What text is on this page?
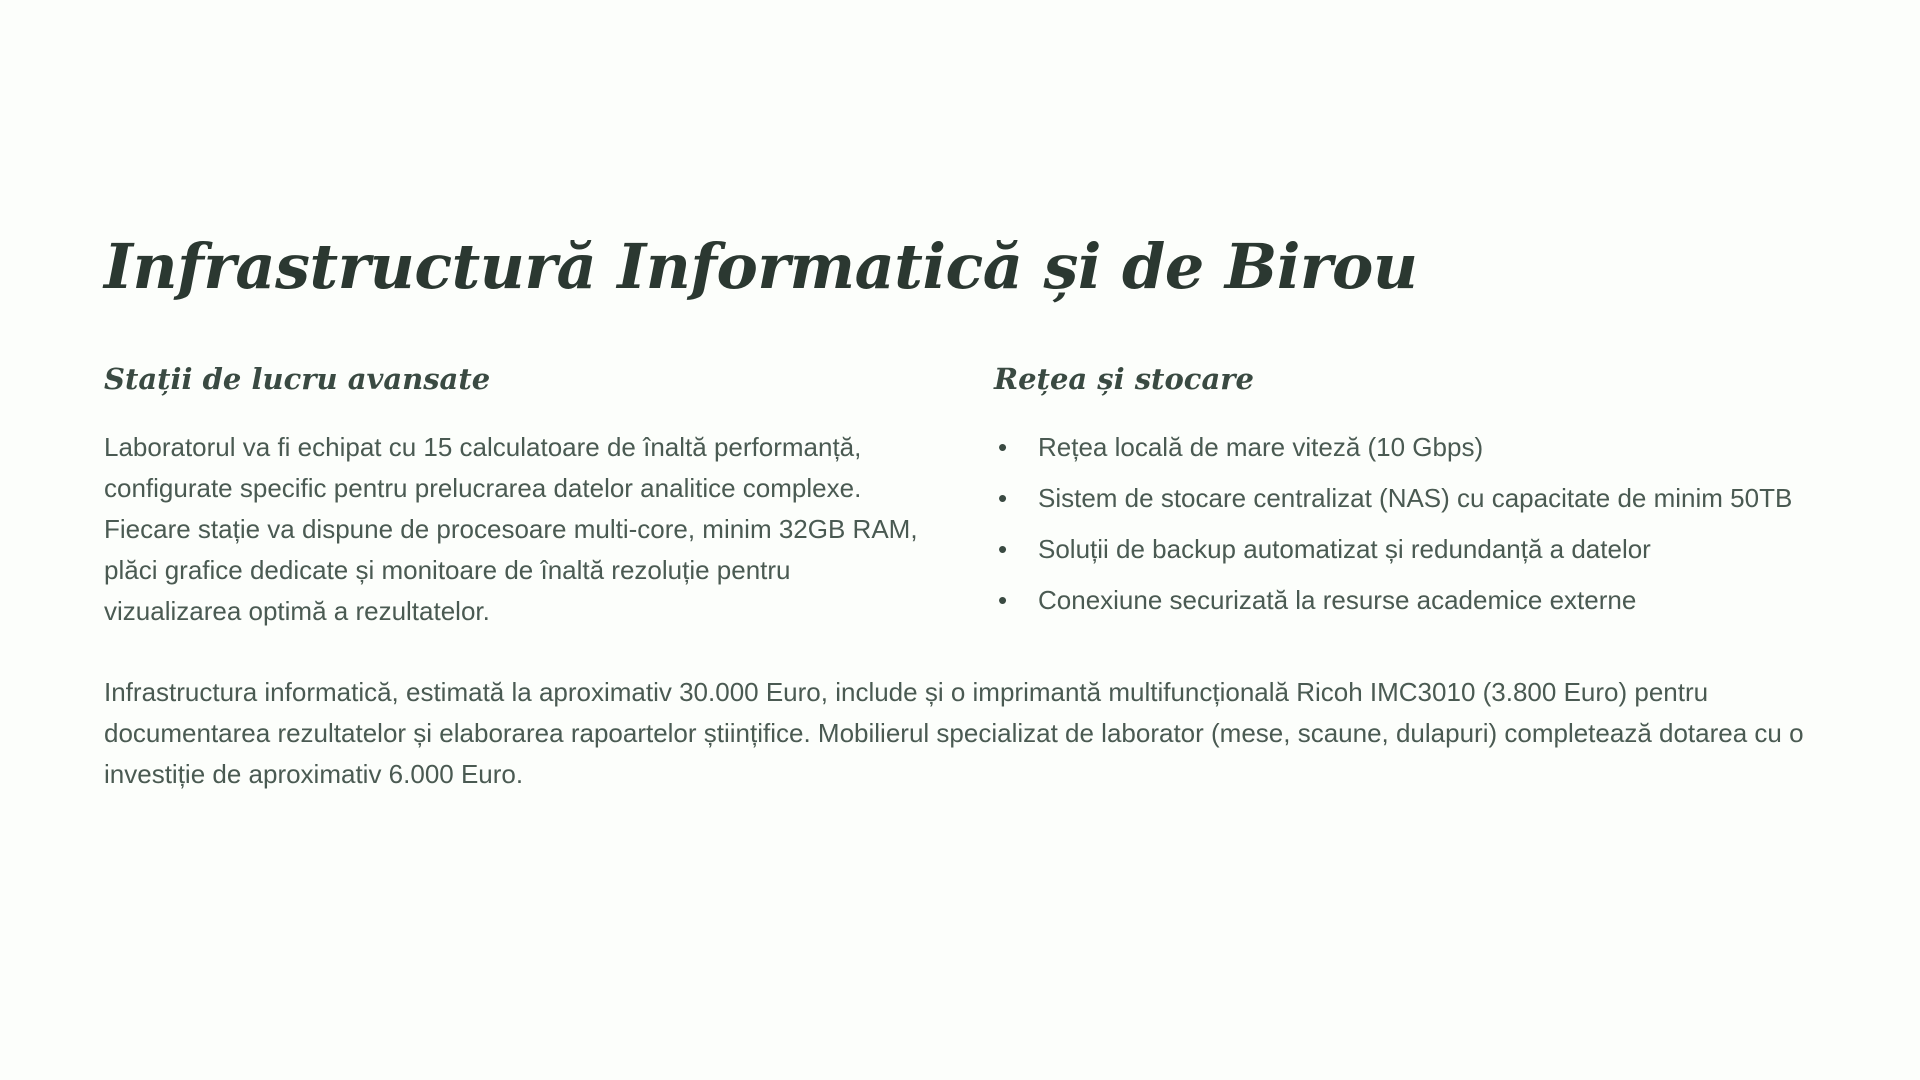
Infrastructură Informatică și de Birou
Stații de lucru avansate

Laboratorul va fi echipat cu 15 calculatoare de înaltă performanță, configurate specific pentru prelucrarea datelor analitice complexe. Fiecare stație va dispune de procesoare multi-core, minim 32GB RAM, plăci grafice dedicate și monitoare de înaltă rezoluție pentru vizualizarea optimă a rezultatelor.

Rețea și stocare
• Rețea locală de mare viteză (10 Gbps)
• Sistem de stocare centralizat (NAS) cu capacitate de minim 50TB
• Soluții de backup automatizat și redundanță a datelor
• Conexiune securizată la resurse academice externe

Infrastructura informatică, estimată la aproximativ 30.000 Euro, include și o imprimantă multifuncțională Ricoh IMC3010 (3.800 Euro) pentru documentarea rezultatelor și elaborarea rapoartelor științifice. Mobilierul specializat de laborator (mese, scaune, dulapuri) completează dotarea cu o investiție de aproximativ 6.000 Euro.
